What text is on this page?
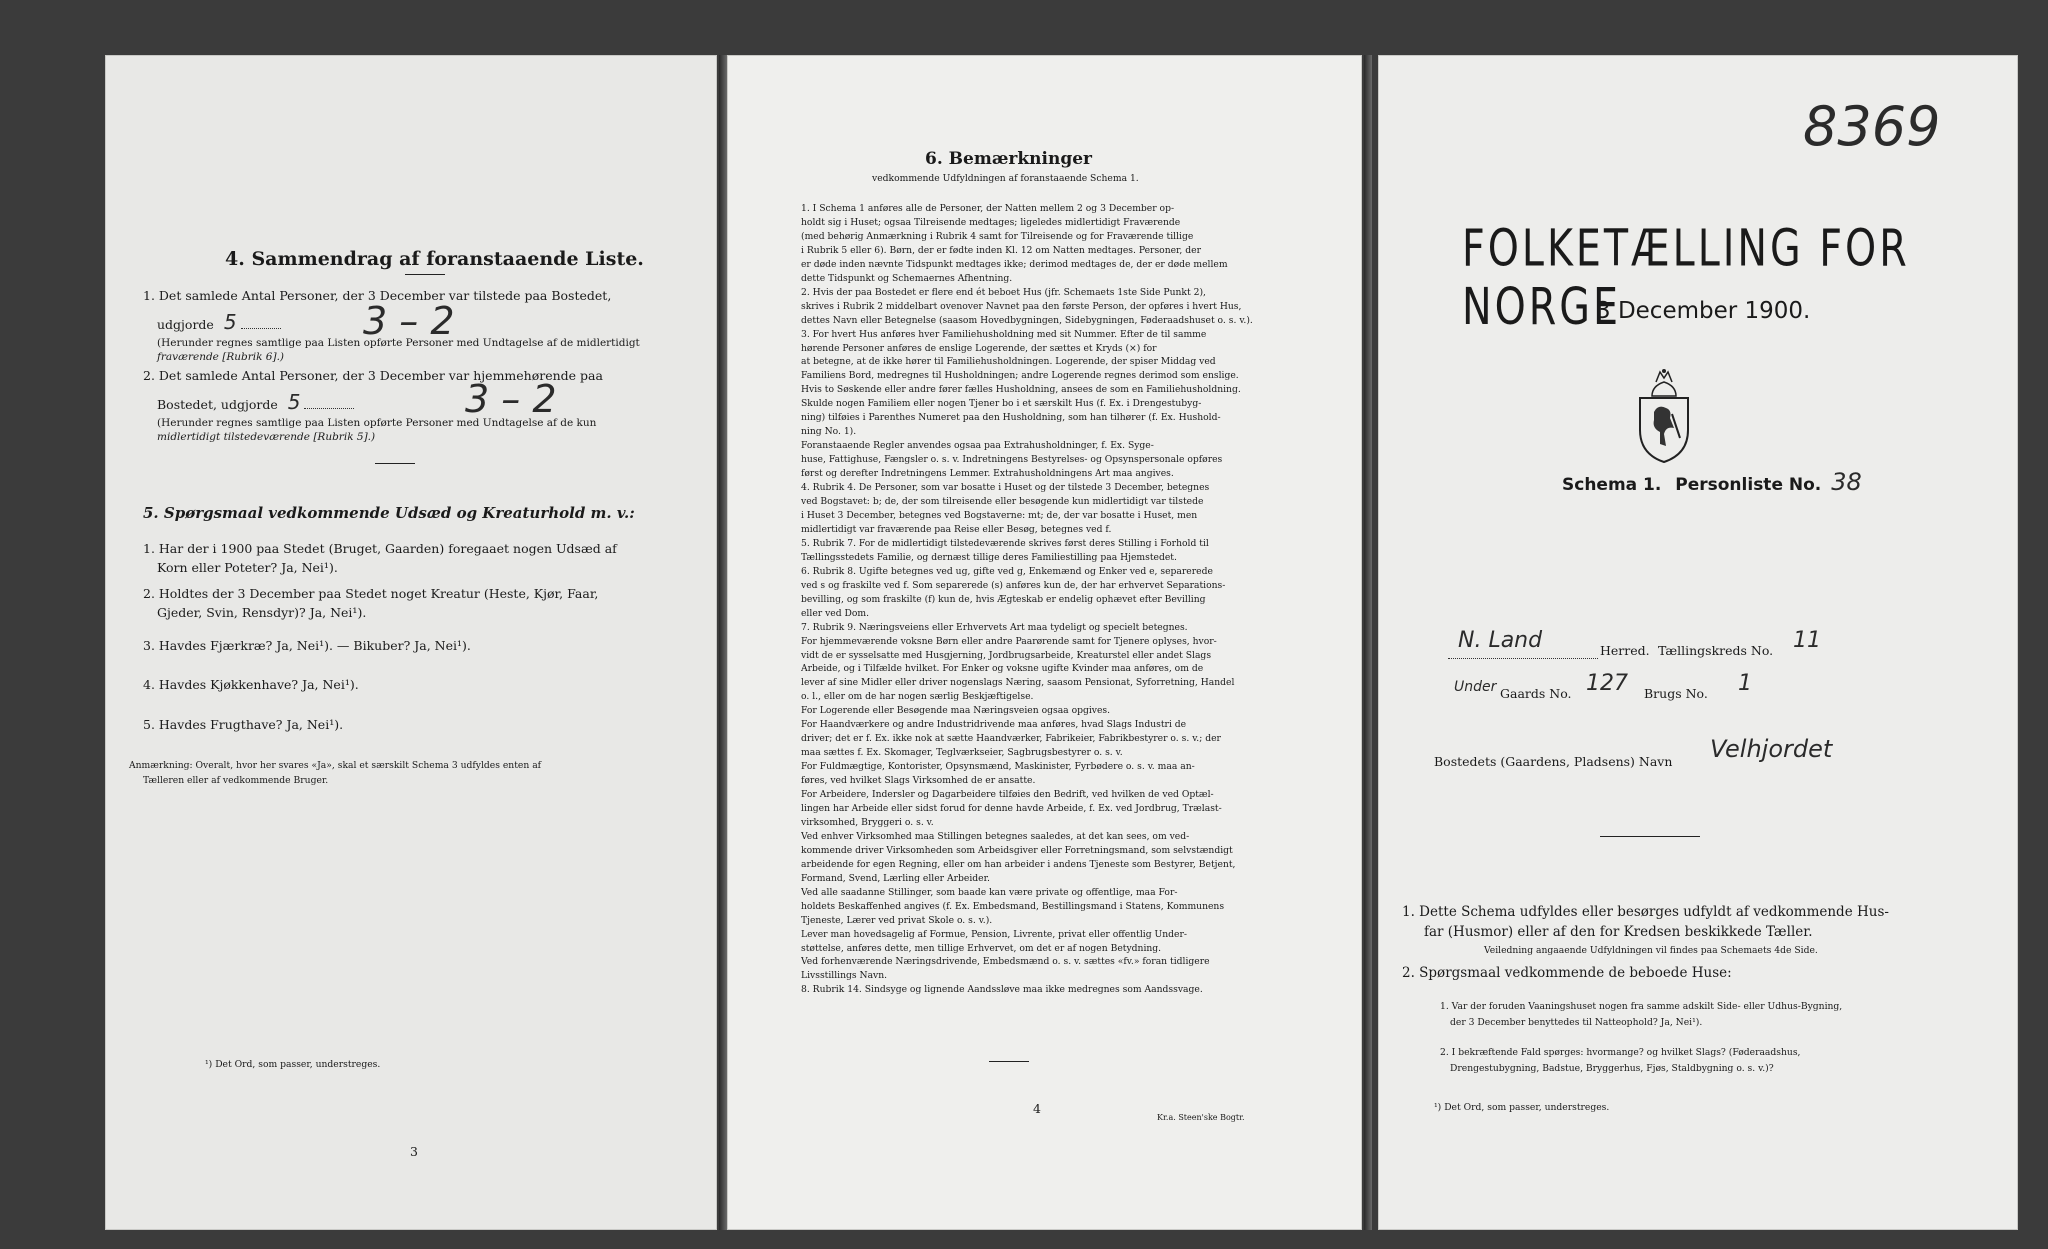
4. Sammendrag af foranstaaende Liste.
1. Det samlede Antal Personer, der 3 December var tilstede paa Bostedet,
udgjorde 5	3 – 2
(Herunder regnes samtlige paa Listen opførte Personer med Undtagelse af de midlertidigt
fraværende [Rubrik 6].)
2. Det samlede Antal Personer, der 3 December var hjemmehørende paa
Bostedet, udgjorde 5	3 – 2
(Herunder regnes samtlige paa Listen opførte Personer med Undtagelse af de kun
midlertidigt tilstedeværende [Rubrik 5].)
5. Spørgsmaal vedkommende Udsæd og Kreaturhold m. v.:
1. Har der i 1900 paa Stedet (Bruget, Gaarden) foregaaet nogen Udsæd af
Korn eller Poteter? Ja, Nei¹).
2. Holdtes der 3 December paa Stedet noget Kreatur (Heste, Kjør, Faar,
Gjeder, Svin, Rensdyr)? Ja, Nei¹).
3. Havdes Fjærkræ? Ja, Nei¹). — Bikuber? Ja, Nei¹).
4. Havdes Kjøkkenhave? Ja, Nei¹).
5. Havdes Frugthave? Ja, Nei¹).
Anmærkning: Overalt, hvor her svares «Ja», skal et særskilt Schema 3 udfyldes enten af
Tælleren eller af vedkommende Bruger.
¹) Det Ord, som passer, understreges.
3
6. Bemærkninger
vedkommende Udfyldningen af foranstaaende Schema 1.

1. I Schema 1 anføres alle de Personer, der Natten mellem 2 og 3 December op-

holdt sig i Huset; ogsaa Tilreisende medtages; ligeledes midlertidigt Fraværende

(med behørig Anmærkning i Rubrik 4 samt for Tilreisende og for Fraværende tillige

i Rubrik 5 eller 6). Børn, der er fødte inden Kl. 12 om Natten medtages. Personer, der

er døde inden nævnte Tidspunkt medtages ikke; derimod medtages de, der er døde mellem

dette Tidspunkt og Schemaernes Afhentning.

2. Hvis der paa Bostedet er flere end ét beboet Hus (jfr. Schemaets 1ste Side Punkt 2),

skrives i Rubrik 2 middelbart ovenover Navnet paa den første Person, der opføres i hvert Hus,

dettes Navn eller Betegnelse (saasom Hovedbygningen, Sidebygningen, Føderaadshuset o. s. v.).

3. For hvert Hus anføres hver Familiehusholdning med sit Nummer. Efter de til samme

hørende Personer anføres de enslige Logerende, der sættes et Kryds (×) for

at betegne, at de ikke hører til Familiehusholdningen. Logerende, der spiser Middag ved

Familiens Bord, medregnes til Husholdningen; andre Logerende regnes derimod som enslige.

Hvis to Søskende eller andre fører fælles Husholdning, ansees de som en Familiehusholdning.

Skulde nogen Familiem eller nogen Tjener bo i et særskilt Hus (f. Ex. i Drengestubyg-

ning) tilføies i Parenthes Numeret paa den Husholdning, som han tilhører (f. Ex. Hushold-

ning No. 1).

Foranstaaende Regler anvendes ogsaa paa Extrahusholdninger, f. Ex. Syge-

huse, Fattighuse, Fængsler o. s. v. Indretningens Bestyrelses- og Opsynspersonale opføres

først og derefter Indretningens Lemmer. Extrahusholdningens Art maa angives.

4. Rubrik 4. De Personer, som var bosatte i Huset og der tilstede 3 December, betegnes

ved Bogstavet: b; de, der som tilreisende eller besøgende kun midlertidigt var tilstede

i Huset 3 December, betegnes ved Bogstaverne: mt; de, der var bosatte i Huset, men

midlertidigt var fraværende paa Reise eller Besøg, betegnes ved f.

5. Rubrik 7. For de midlertidigt tilstedeværende skrives først deres Stilling i Forhold til

Tællingsstedets Familie, og dernæst tillige deres Familiestilling paa Hjemstedet.

6. Rubrik 8. Ugifte betegnes ved ug, gifte ved g, Enkemænd og Enker ved e, separerede

ved s og fraskilte ved f. Som separerede (s) anføres kun de, der har erhvervet Separations-

bevilling, og som fraskilte (f) kun de, hvis Ægteskab er endelig ophævet efter Bevilling

eller ved Dom.

7. Rubrik 9. Næringsveiens eller Erhvervets Art maa tydeligt og specielt betegnes.

For hjemmeværende voksne Børn eller andre Paarørende samt for Tjenere oplyses, hvor-

vidt de er sysselsatte med Husgjerning, Jordbrugsarbeide, Kreaturstel eller andet Slags

Arbeide, og i Tilfælde hvilket. For Enker og voksne ugifte Kvinder maa anføres, om de

lever af sine Midler eller driver nogenslags Næring, saasom Pensionat, Syforretning, Handel

o. l., eller om de har nogen særlig Beskjæftigelse.

For Logerende eller Besøgende maa Næringsveien ogsaa opgives.

For Haandværkere og andre Industridrivende maa anføres, hvad Slags Industri de

driver; det er f. Ex. ikke nok at sætte Haandværker, Fabrikeier, Fabrikbestyrer o. s. v.; der

maa sættes f. Ex. Skomager, Teglværkseier, Sagbrugsbestyrer o. s. v.

For Fuldmægtige, Kontorister, Opsynsmænd, Maskinister, Fyrbødere o. s. v. maa an-

føres, ved hvilket Slags Virksomhed de er ansatte.

For Arbeidere, Indersler og Dagarbeidere tilføies den Bedrift, ved hvilken de ved Optæl-

lingen har Arbeide eller sidst forud for denne havde Arbeide, f. Ex. ved Jordbrug, Trælast-

virksomhed, Bryggeri o. s. v.

Ved enhver Virksomhed maa Stillingen betegnes saaledes, at det kan sees, om ved-

kommende driver Virksomheden som Arbeidsgiver eller Forretningsmand, som selvstændigt

arbeidende for egen Regning, eller om han arbeider i andens Tjeneste som Bestyrer, Betjent,

Formand, Svend, Lærling eller Arbeider.

Ved alle saadanne Stillinger, som baade kan være private og offentlige, maa For-

holdets Beskaffenhed angives (f. Ex. Embedsmand, Bestillingsmand i Statens, Kommunens

Tjeneste, Lærer ved privat Skole o. s. v.).

Lever man hovedsagelig af Formue, Pension, Livrente, privat eller offentlig Under-

støttelse, anføres dette, men tillige Erhvervet, om det er af nogen Betydning.

Ved forhenværende Næringsdrivende, Embedsmænd o. s. v. sættes «fv.» foran tidligere

Livsstillings Navn.

8. Rubrik 14. Sindsyge og lignende Aandssløve maa ikke medregnes som Aandssvage.

4
Kr.a. Steen'ske Bogtr.
8369
FOLKETÆLLING FOR NORGE
3 December 1900.
Schema 1. Personliste No. 38
N. Land	Herred. Tællingskreds No. 11
Under Gaards No. 127 Brugs No. 1
Bostedets (Gaardens, Pladsens) Navn Velhjordet
1. Dette Schema udfyldes eller besørges udfyldt af vedkommende Hus-
far (Husmor) eller af den for Kredsen beskikkede Tæller.
Veiledning angaaende Udfyldningen vil findes paa Schemaets 4de Side.
2. Spørgsmaal vedkommende de beboede Huse:
1. Var der foruden Vaaningshuset nogen fra samme adskilt Side- eller Udhus-Bygning,
der 3 December benyttedes til Natteophold? Ja, Nei¹).
2. I bekræftende Fald spørges: hvormange? og hvilket Slags? (Føderaadshus,
Drengestubygning, Badstue, Bryggerhus, Fjøs, Staldbygning o. s. v.)?
¹) Det Ord, som passer, understreges.
